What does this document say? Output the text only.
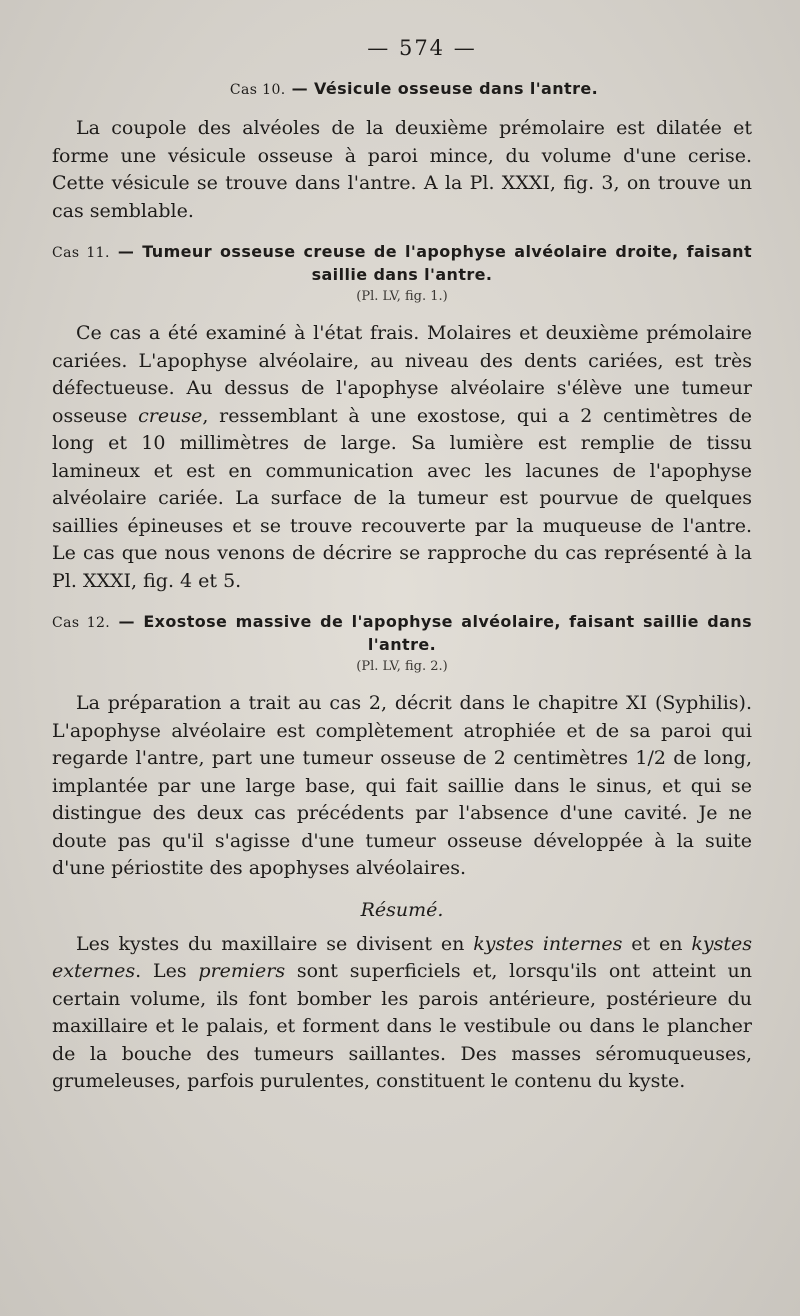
— 574 —
Cas 10. — Vésicule osseuse dans l'antre.

La coupole des alvéoles de la deuxième prémolaire est dilatée et forme une vésicule osseuse à paroi mince, du volume d'une cerise. Cette vésicule se trouve dans l'antre. A la Pl. XXXI, fig. 3, on trouve un cas semblable.

Cas 11. — Tumeur osseuse creuse de l'apophyse alvéolaire droite, faisant saillie dans l'antre.
(Pl. LV, fig. 1.)

Ce cas a été examiné à l'état frais. Molaires et deuxième prémolaire cariées. L'apophyse alvéolaire, au niveau des dents cariées, est très défectueuse. Au dessus de l'apophyse alvéolaire s'élève une tumeur osseuse creuse, ressemblant à une exostose, qui a 2 centimètres de long et 10 millimètres de large. Sa lumière est remplie de tissu lamineux et est en communication avec les lacunes de l'apophyse alvéolaire cariée. La surface de la tumeur est pourvue de quelques saillies épineuses et se trouve recouverte par la muqueuse de l'antre. Le cas que nous venons de décrire se rapproche du cas représenté à la Pl. XXXI, fig. 4 et 5.

Cas 12. — Exostose massive de l'apophyse alvéolaire, faisant saillie dans l'antre.
(Pl. LV, fig. 2.)

La préparation a trait au cas 2, décrit dans le chapitre XI (Syphilis). L'apophyse alvéolaire est complètement atrophiée et de sa paroi qui regarde l'antre, part une tumeur osseuse de 2 centimètres 1/2 de long, implantée par une large base, qui fait saillie dans le sinus, et qui se distingue des deux cas précédents par l'absence d'une cavité. Je ne doute pas qu'il s'agisse d'une tumeur osseuse développée à la suite d'une périostite des apophyses alvéolaires.

Résumé.

Les kystes du maxillaire se divisent en kystes internes et en kystes externes. Les premiers sont superficiels et, lorsqu'ils ont atteint un certain volume, ils font bomber les parois antérieure, postérieure du maxillaire et le palais, et forment dans le vestibule ou dans le plancher de la bouche des tumeurs saillantes. Des masses séromuqueuses, grumeleuses, parfois purulentes, constituent le contenu du kyste.
